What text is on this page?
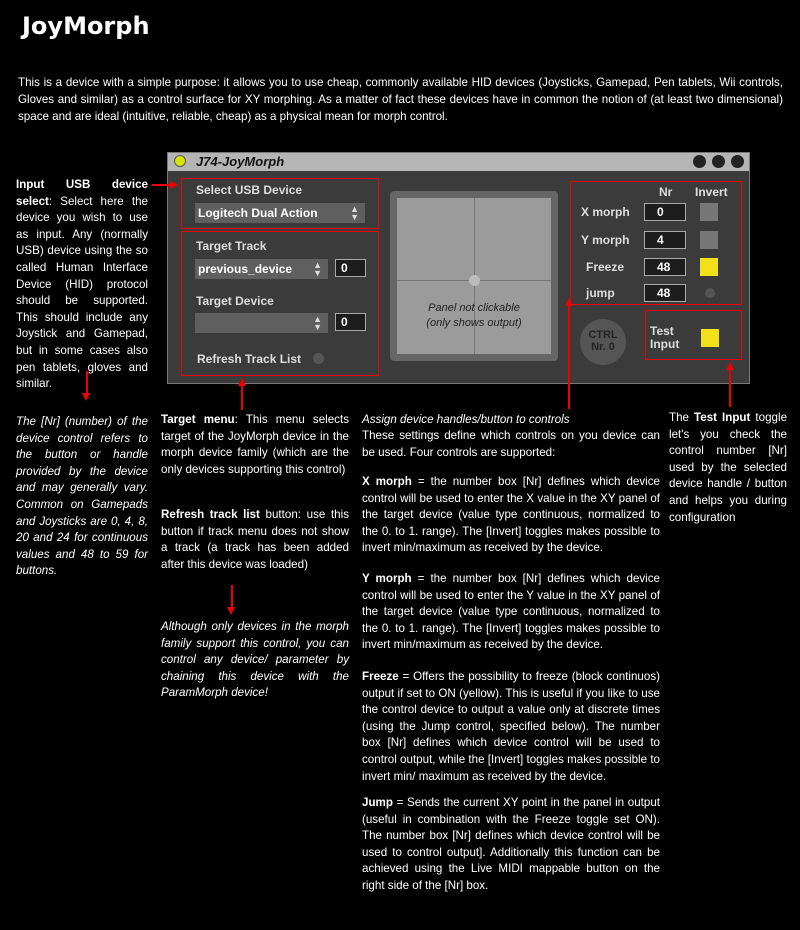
JoyMorph
This is a device with a simple purpose: it allows you to use cheap, commonly available HID devices (Joysticks, Gamepad, Pen tablets, Wii controls, Gloves and similar) as a control surface for XY morphing. As a matter of fact these devices have in common the notion of (at least two dimensional) space and are ideal (intuitive, reliable, cheap) as a physical mean for morph control.
J74-JoyMorph
Select USB Device
Logitech Dual Action	▲
▼
Target Track
previous_device ▲
▼	0
Target Device
▲
▼	0
Refresh Track List
Panel not clickable
(only shows output)
Nr Invert
X morph	0
Y morph	4
Freeze	48
jump	48
CTRL
Nr. 0
Test
Input
Input USB device select: Select here the device you wish to use as input. Any (normally USB) device using the so called Human Interface Device (HID) protocol should be supported. This should include any Joystick and Gamepad, but in some cases also pen tablets, gloves and similar.
The [Nr] (number) of the device control refers to the button or handle provided by the device and may generally vary. Common on Gamepads and Joysticks are 0, 4, 8, 20 and 24 for continuous values and 48 to 59 for buttons.
Target menu: This menu selects target of the JoyMorph device in the morph device family (which are the only devices supporting this control)
Refresh track list button: use this button if track menu does not show a track (a track has been added after this device was loaded)
Although only devices in the morph family support this control, you can control any device/ parameter by chaining this device with the ParamMorph device!
Assign device handles/button to controls
These settings define which controls on you device can be used. Four controls are supported:
X morph = the number box [Nr] defines which device control will be used to enter the X value in the XY panel of the target device (value type continuous, normalized to the 0. to 1. range). The [Invert] toggles makes possible to invert min/maximum as received by the device.
Y morph = the number box [Nr] defines which device control will be used to enter the Y value in the XY panel of the target device (value type continuous, normalized to the 0. to 1. range). The [Invert] toggles makes possible to invert min/maximum as received by the device.
Freeze = Offers the possibility to freeze (block continuos) output if set to ON (yellow). This is useful if you like to use the control device to output a value only at discrete times (using the Jump control, specified below). The number box [Nr] defines which device control will be used to control output, while the [Invert] toggles makes possible to invert min/ maximum as received by the device.
Jump = Sends the current XY point in the panel in output (useful in combination with the Freeze toggle set ON). The number box [Nr] defines which device control will be used to control output]. Additionally this function can be achieved using the Live MIDI mappable button on the right side of the [Nr] box.
The Test Input toggle let's you check the control number [Nr] used by the selected device handle / button and helps you during configuration
